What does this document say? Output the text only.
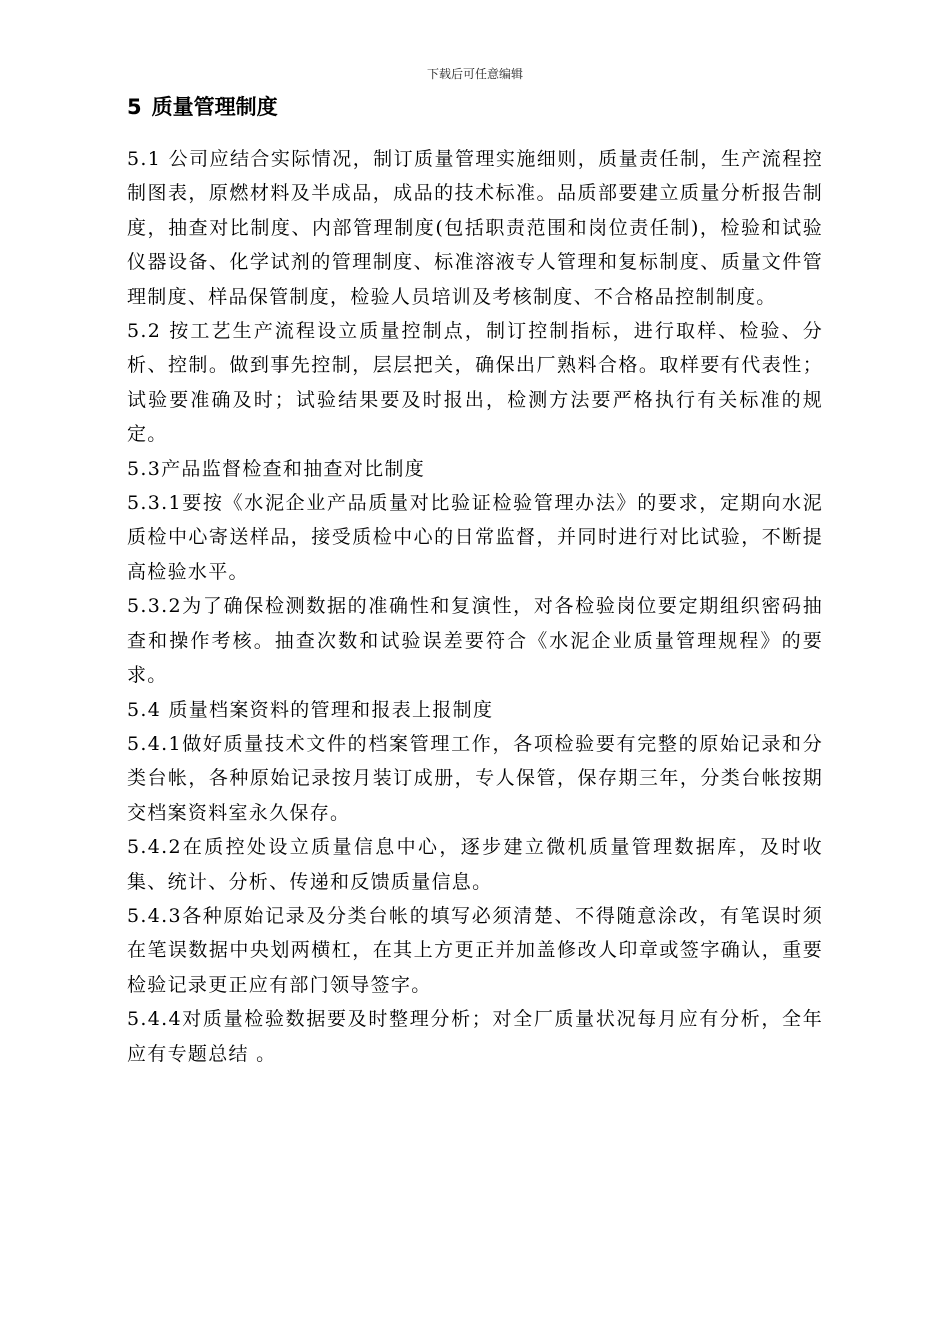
下载后可任意编辑
5 质量管理制度

5.1 公司应结合实际情况，制订质量管理实施细则，质量责任制，生产流程控制图表，原燃材料及半成品，成品的技术标准。品质部要建立质量分析报告制度，抽查对比制度、内部管理制度(包括职责范围和岗位责任制)，检验和试验仪器设备、化学试剂的管理制度、标准溶液专人管理和复标制度、质量文件管理制度、样品保管制度，检验人员培训及考核制度、不合格品控制制度。

5.2 按工艺生产流程设立质量控制点，制订控制指标，进行取样、检验、分析、控制。做到事先控制，层层把关，确保出厂熟料合格。取样要有代表性；试验要准确及时；试验结果要及时报出，检测方法要严格执行有关标准的规定。

5.3产品监督检查和抽查对比制度

5.3.1要按《水泥企业产品质量对比验证检验管理办法》的要求，定期向水泥质检中心寄送样品，接受质检中心的日常监督，并同时进行对比试验，不断提高检验水平。

5.3.2为了确保检测数据的准确性和复演性，对各检验岗位要定期组织密码抽查和操作考核。抽查次数和试验误差要符合《水泥企业质量管理规程》的要求。

5.4 质量档案资料的管理和报表上报制度

5.4.1做好质量技术文件的档案管理工作，各项检验要有完整的原始记录和分类台帐，各种原始记录按月装订成册，专人保管，保存期三年，分类台帐按期交档案资料室永久保存。

5.4.2在质控处设立质量信息中心，逐步建立微机质量管理数据库，及时收集、统计、分析、传递和反馈质量信息。

5.4.3各种原始记录及分类台帐的填写必须清楚、不得随意涂改，有笔误时须在笔误数据中央划两横杠，在其上方更正并加盖修改人印章或签字确认，重要检验记录更正应有部门领导签字。

5.4.4对质量检验数据要及时整理分析；对全厂质量状况每月应有分析，全年应有专题总结 。
